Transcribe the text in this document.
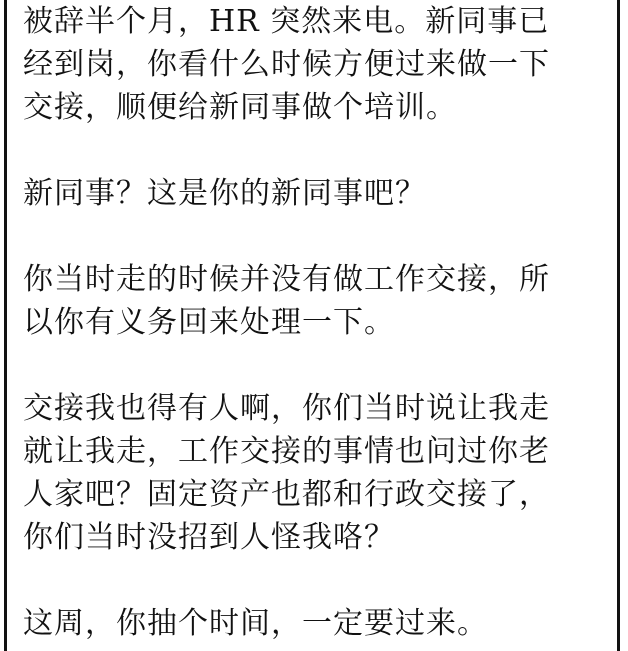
被辞半个月，HR 突然来电。新同事已
经到岗，你看什么时候方便过来做一下
交接，顺便给新同事做个培训。

新同事？这是你的新同事吧？

你当时走的时候并没有做工作交接，所
以你有义务回来处理一下。

交接我也得有人啊，你们当时说让我走
就让我走，工作交接的事情也问过你老
人家吧？固定资产也都和行政交接了，
你们当时没招到人怪我咯？

这周，你抽个时间，一定要过来。
